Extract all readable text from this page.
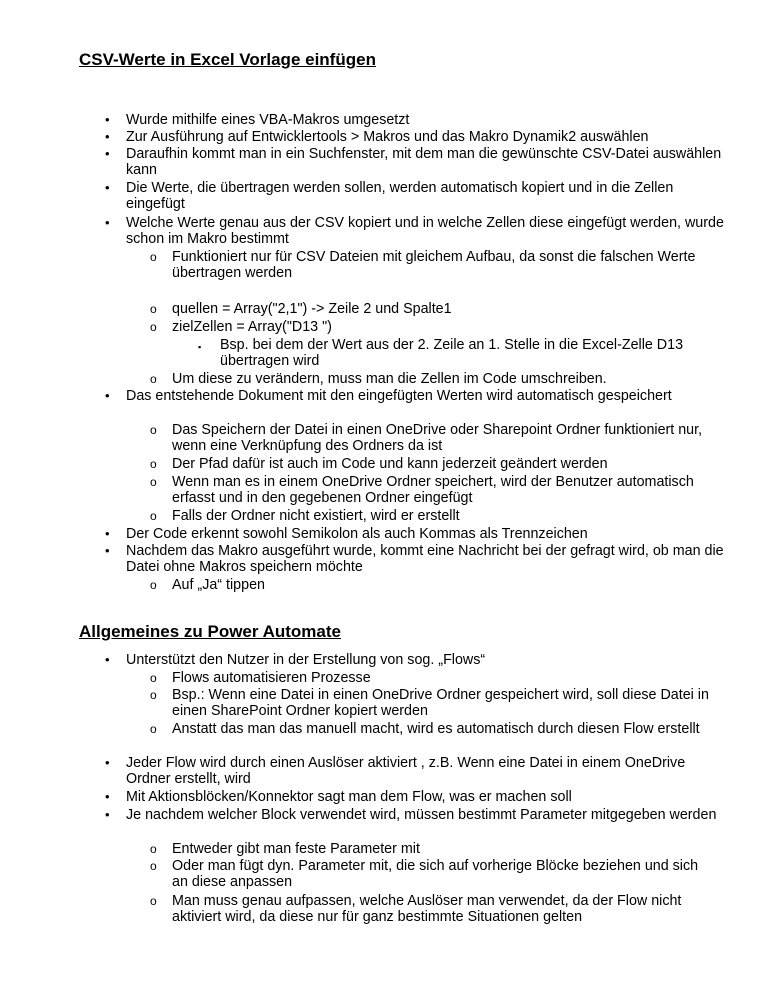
CSV-Werte in Excel Vorlage einfügen
• Wurde mithilfe eines VBA-Makros umgesetzt
• Zur Ausführung auf Entwicklertools > Makros und das Makro Dynamik2 auswählen
• Daraufhin kommt man in ein Suchfenster, mit dem man die gewünschte CSV-Datei auswählen kann
• Die Werte, die übertragen werden sollen, werden automatisch kopiert und in die Zellen eingefügt
• Welche Werte genau aus der CSV kopiert und in welche Zellen diese eingefügt werden, wurde schon im Makro bestimmt
o Funktioniert nur für CSV Dateien mit gleichem Aufbau, da sonst die falschen Werte übertragen werden
o quellen = Array("2,1") -> Zeile 2 und Spalte1
o zielZellen = Array("D13 ")
▪ Bsp. bei dem der Wert aus der 2. Zeile an 1. Stelle in die Excel-Zelle D13 übertragen wird
o Um diese zu verändern, muss man die Zellen im Code umschreiben.
• Das entstehende Dokument mit den eingefügten Werten wird automatisch gespeichert
o Das Speichern der Datei in einen OneDrive oder Sharepoint Ordner funktioniert nur, wenn eine Verknüpfung des Ordners da ist
o Der Pfad dafür ist auch im Code und kann jederzeit geändert werden
o Wenn man es in einem OneDrive Ordner speichert, wird der Benutzer automatisch erfasst und in den gegebenen Ordner eingefügt
o Falls der Ordner nicht existiert, wird er erstellt
• Der Code erkennt sowohl Semikolon als auch Kommas als Trennzeichen
• Nachdem das Makro ausgeführt wurde, kommt eine Nachricht bei der gefragt wird, ob man die Datei ohne Makros speichern möchte
o Auf „Ja“ tippen
Allgemeines zu Power Automate
• Unterstützt den Nutzer in der Erstellung von sog. „Flows“
o Flows automatisieren Prozesse
o Bsp.: Wenn eine Datei in einen OneDrive Ordner gespeichert wird, soll diese Datei in einen SharePoint Ordner kopiert werden
o Anstatt das man das manuell macht, wird es automatisch durch diesen Flow erstellt
• Jeder Flow wird durch einen Auslöser aktiviert , z.B. Wenn eine Datei in einem OneDrive Ordner erstellt, wird
• Mit Aktionsblöcken/Konnektor sagt man dem Flow, was er machen soll
• Je nachdem welcher Block verwendet wird, müssen bestimmt Parameter mitgegeben werden
o Entweder gibt man feste Parameter mit
o Oder man fügt dyn. Parameter mit, die sich auf vorherige Blöcke beziehen und sich an diese anpassen
o Man muss genau aufpassen, welche Auslöser man verwendet, da der Flow nicht aktiviert wird, da diese nur für ganz bestimmte Situationen gelten
